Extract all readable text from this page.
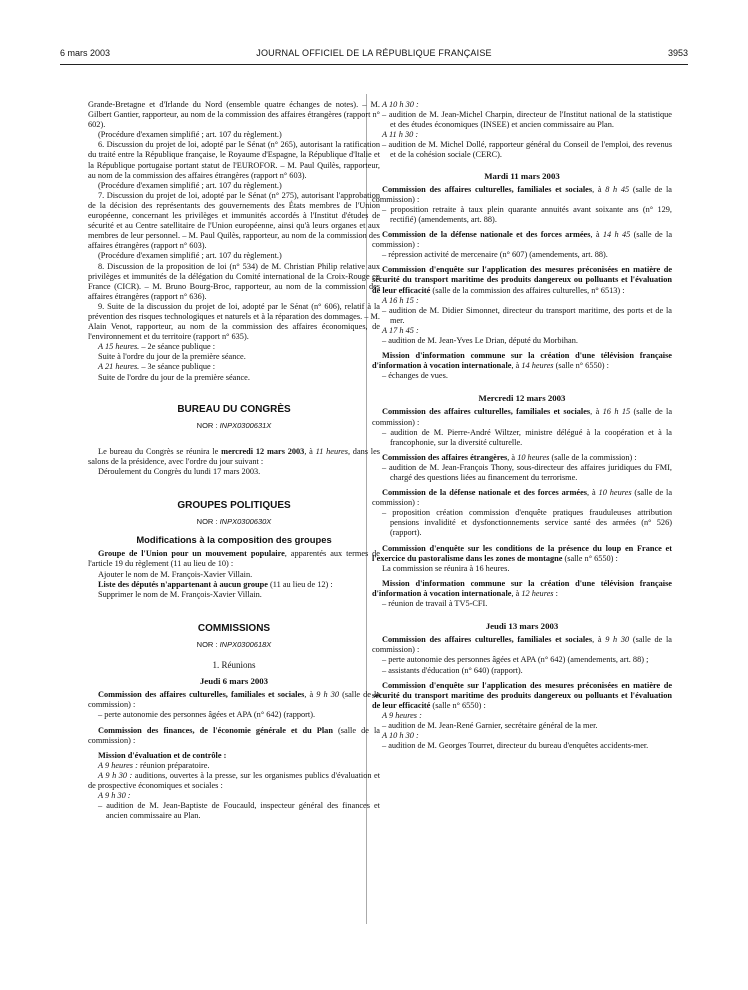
6 mars 2003	JOURNAL OFFICIEL DE LA RÉPUBLIQUE FRANÇAISE	3953

Grande-Bretagne et d'Irlande du Nord (ensemble quatre échanges de notes). – M. Gilbert Gantier, rapporteur, au nom de la commission des affaires étrangères (rapport n° 602).

(Procédure d'examen simplifié ; art. 107 du règlement.)

6. Discussion du projet de loi, adopté par le Sénat (n° 265), autorisant la ratification du traité entre la République française, le Royaume d'Espagne, la République d'Italie et la République portugaise portant statut de l'EUROFOR. – M. Paul Quilès, rapporteur, au nom de la commission des affaires étrangères (rapport n° 603).

(Procédure d'examen simplifié ; art. 107 du règlement.)

7. Discussion du projet de loi, adopté par le Sénat (n° 275), autorisant l'approbation de la décision des représentants des gouvernements des États membres de l'Union européenne, concernant les privilèges et immunités accordés à l'Institut d'études de sécurité et au Centre satellitaire de l'Union européenne, ainsi qu'à leurs organes et aux membres de leur personnel. – M. Paul Quilès, rapporteur, au nom de la commission des affaires étrangères (rapport n° 603).

(Procédure d'examen simplifié ; art. 107 du règlement.)

8. Discussion de la proposition de loi (n° 534) de M. Christian Philip relative aux privilèges et immunités de la délégation du Comité international de la Croix-Rouge en France (CICR). – M. Bruno Bourg-Broc, rapporteur, au nom de la commission des affaires étrangères (rapport n° 636).

9. Suite de la discussion du projet de loi, adopté par le Sénat (n° 606), relatif à la prévention des risques technologiques et naturels et à la réparation des dommages. – M. Alain Venot, rapporteur, au nom de la commission des affaires économiques, de l'environnement et du territoire (rapport n° 635).

A 15 heures. – 2e séance publique :

Suite à l'ordre du jour de la première séance.

A 21 heures. – 3e séance publique :

Suite de l'ordre du jour de la première séance.

BUREAU DU CONGRÈS
NOR : INPX0300631X

Le bureau du Congrès se réunira le mercredi 12 mars 2003, à 11 heures, dans les salons de la présidence, avec l'ordre du jour suivant :

Déroulement du Congrès du lundi 17 mars 2003.

GROUPES POLITIQUES
NOR : INPX0300630X
Modifications à la composition des groupes

Groupe de l'Union pour un mouvement populaire, apparentés aux termes de l'article 19 du règlement (11 au lieu de 10) :

Ajouter le nom de M. François-Xavier Villain.

Liste des députés n'appartenant à aucun groupe (11 au lieu de 12) :

Supprimer le nom de M. François-Xavier Villain.

COMMISSIONS
NOR : INPX0300618X
1. Réunions
Jeudi 6 mars 2003

Commission des affaires culturelles, familiales et sociales, à 9 h 30 (salle de la commission) :

– perte autonomie des personnes âgées et APA (n° 642) (rapport).

Commission des finances, de l'économie générale et du Plan (salle de la commission) :

Mission d'évaluation et de contrôle :

A 9 heures : réunion préparatoire.

A 9 h 30 : auditions, ouvertes à la presse, sur les organismes publics d'évaluation et de prospective économiques et sociales :

A 9 h 30 :

– audition de M. Jean-Baptiste de Foucauld, inspecteur général des finances et ancien commissaire au Plan.

A 10 h 30 :

– audition de M. Jean-Michel Charpin, directeur de l'Institut national de la statistique et des études économiques (INSEE) et ancien commissaire au Plan.

A 11 h 30 :

– audition de M. Michel Dollé, rapporteur général du Conseil de l'emploi, des revenus et de la cohésion sociale (CERC).

Mardi 11 mars 2003

Commission des affaires culturelles, familiales et sociales, à 8 h 45 (salle de la commission) :

– proposition retraite à taux plein quarante annuités avant soixante ans (n° 129, rectifié) (amendements, art. 88).

Commission de la défense nationale et des forces armées, à 14 h 45 (salle de la commission) :

– répression activité de mercenaire (n° 607) (amendements, art. 88).

Commission d'enquête sur l'application des mesures préconisées en matière de sécurité du transport maritime des produits dangereux ou polluants et l'évaluation de leur efficacité (salle de la commission des affaires culturelles, n° 6513) :

A 16 h 15 :

– audition de M. Didier Simonnet, directeur du transport maritime, des ports et de la mer.

A 17 h 45 :

– audition de M. Jean-Yves Le Drian, député du Morbihan.

Mission d'information commune sur la création d'une télévision française d'information à vocation internationale, à 14 heures (salle n° 6550) :

– échanges de vues.

Mercredi 12 mars 2003

Commission des affaires culturelles, familiales et sociales, à 16 h 15 (salle de la commission) :

– audition de M. Pierre-André Wiltzer, ministre délégué à la coopération et à la francophonie, sur la diversité culturelle.

Commission des affaires étrangères, à 10 heures (salle de la commission) :

– audition de M. Jean-François Thony, sous-directeur des affaires juridiques du FMI, chargé des questions liées au financement du terrorisme.

Commission de la défense nationale et des forces armées, à 10 heures (salle de la commission) :

– proposition création commission d'enquête pratiques frauduleuses attribution pensions invalidité et dysfonctionnements service santé des armées (n° 526) (rapport).

Commission d'enquête sur les conditions de la présence du loup en France et l'exercice du pastoralisme dans les zones de montagne (salle n° 6550) :

La commission se réunira à 16 heures.

Mission d'information commune sur la création d'une télévision française d'information à vocation internationale, à 12 heures :

– réunion de travail à TV5-CFI.

Jeudi 13 mars 2003

Commission des affaires culturelles, familiales et sociales, à 9 h 30 (salle de la commission) :

– perte autonomie des personnes âgées et APA (n° 642) (amendements, art. 88) ;

– assistants d'éducation (n° 640) (rapport).

Commission d'enquête sur l'application des mesures préconisées en matière de sécurité du transport maritime des produits dangereux ou polluants et l'évaluation de leur efficacité (salle n° 6550) :

A 9 heures :

– audition de M. Jean-René Garnier, secrétaire général de la mer.

A 10 h 30 :

– audition de M. Georges Tourret, directeur du bureau d'enquêtes accidents-mer.
